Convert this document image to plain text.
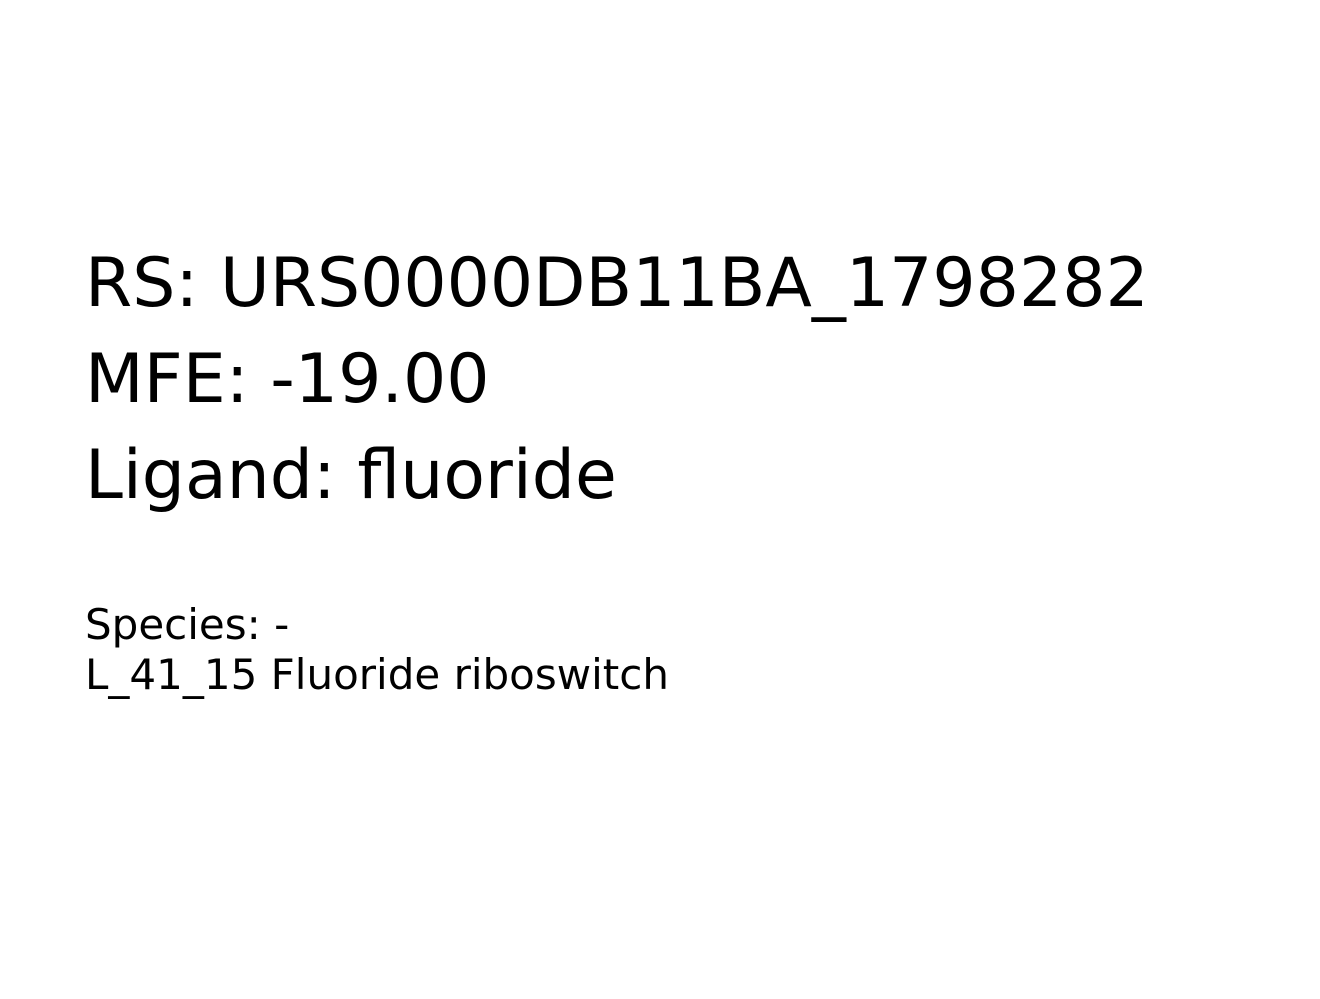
RS: URS0000DB11BA_1798282
MFE: -19.00
Ligand: fluoride
Species: -
L_41_15 Fluoride riboswitch
